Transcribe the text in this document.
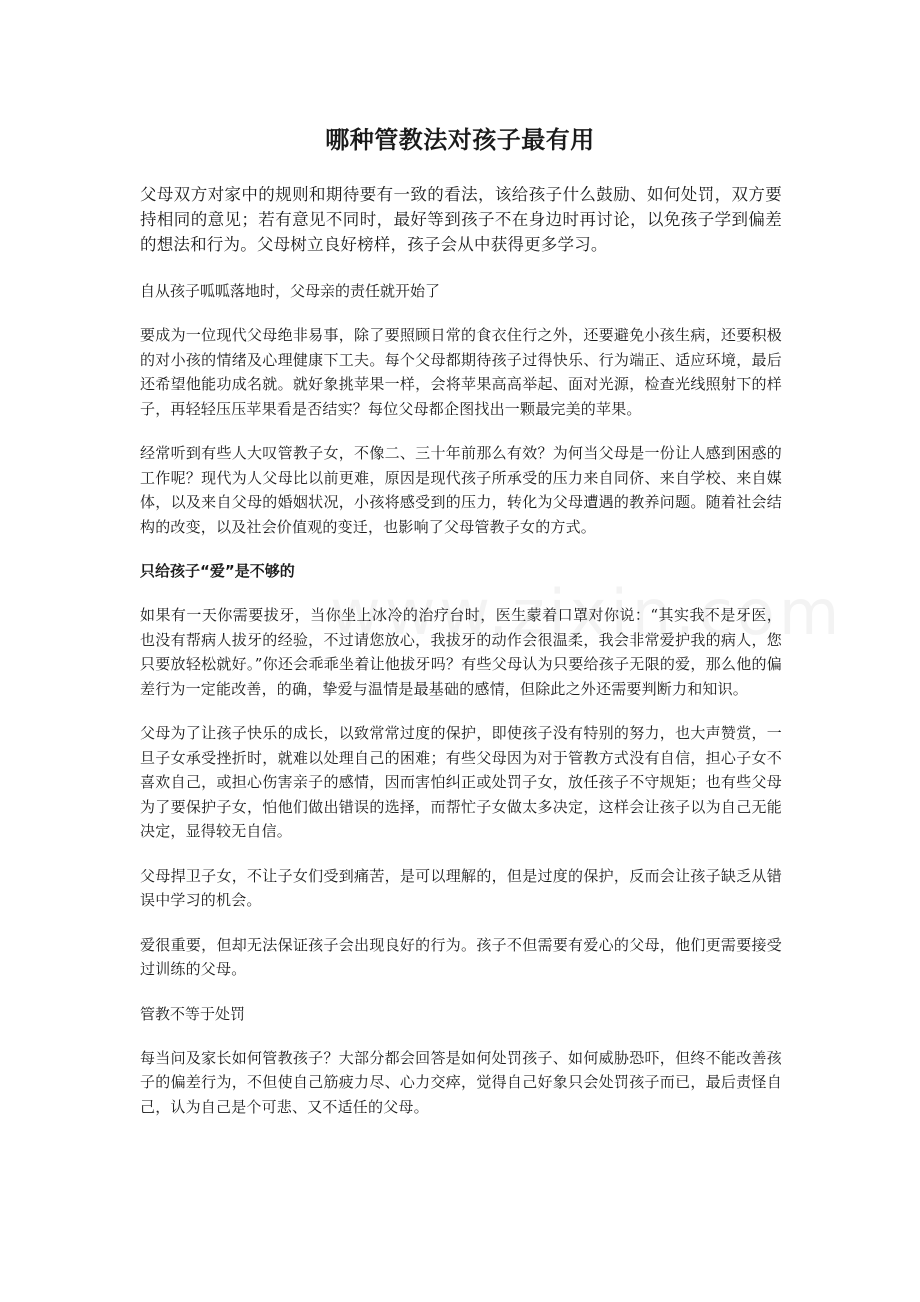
哪种管教法对孩子最有用

父母双方对家中的规则和期待要有一致的看法，该给孩子什么鼓励、如何处罚，双方要持相同的意见；若有意见不同时，最好等到孩子不在身边时再讨论，以免孩子学到偏差的想法和行为。父母树立良好榜样，孩子会从中获得更多学习。

自从孩子呱呱落地时，父母亲的责任就开始了

要成为一位现代父母绝非易事，除了要照顾日常的食衣住行之外，还要避免小孩生病，还要积极的对小孩的情绪及心理健康下工夫。每个父母都期待孩子过得快乐、行为端正、适应环境，最后还希望他能功成名就。就好象挑苹果一样，会将苹果高高举起、面对光源，检查光线照射下的样子，再轻轻压压苹果看是否结实？每位父母都企图找出一颗最完美的苹果。

经常听到有些人大叹管教子女，不像二、三十年前那么有效？为何当父母是一份让人感到困惑的工作呢？现代为人父母比以前更难，原因是现代孩子所承受的压力来自同侪、来自学校、来自媒体，以及来自父母的婚姻状况，小孩将感受到的压力，转化为父母遭遇的教养问题。随着社会结构的改变，以及社会价值观的变迁，也影响了父母管教子女的方式。

只给孩子“爱”是不够的

如果有一天你需要拔牙，当你坐上冰冷的治疗台时，医生蒙着口罩对你说：“其实我不是牙医，也没有帮病人拔牙的经验，不过请您放心，我拔牙的动作会很温柔，我会非常爱护我的病人，您只要放轻松就好。”你还会乖乖坐着让他拔牙吗？有些父母认为只要给孩子无限的爱，那么他的偏差行为一定能改善，的确，挚爱与温情是最基础的感情，但除此之外还需要判断力和知识。

父母为了让孩子快乐的成长，以致常常过度的保护，即使孩子没有特别的努力，也大声赞赏，一旦子女承受挫折时，就难以处理自己的困难；有些父母因为对于管教方式没有自信，担心子女不喜欢自己，或担心伤害亲子的感情，因而害怕纠正或处罚子女，放任孩子不守规矩；也有些父母为了要保护子女，怕他们做出错误的选择，而帮忙子女做太多决定，这样会让孩子以为自己无能决定，显得较无自信。

父母捍卫子女，不让子女们受到痛苦，是可以理解的，但是过度的保护，反而会让孩子缺乏从错误中学习的机会。

爱很重要，但却无法保证孩子会出现良好的行为。孩子不但需要有爱心的父母，他们更需要接受过训练的父母。

管教不等于处罚

每当问及家长如何管教孩子？大部分都会回答是如何处罚孩子、如何威胁恐吓，但终不能改善孩子的偏差行为，不但使自己筋疲力尽、心力交瘁，觉得自己好象只会处罚孩子而已，最后责怪自己，认为自己是个可悲、又不适任的父母。
